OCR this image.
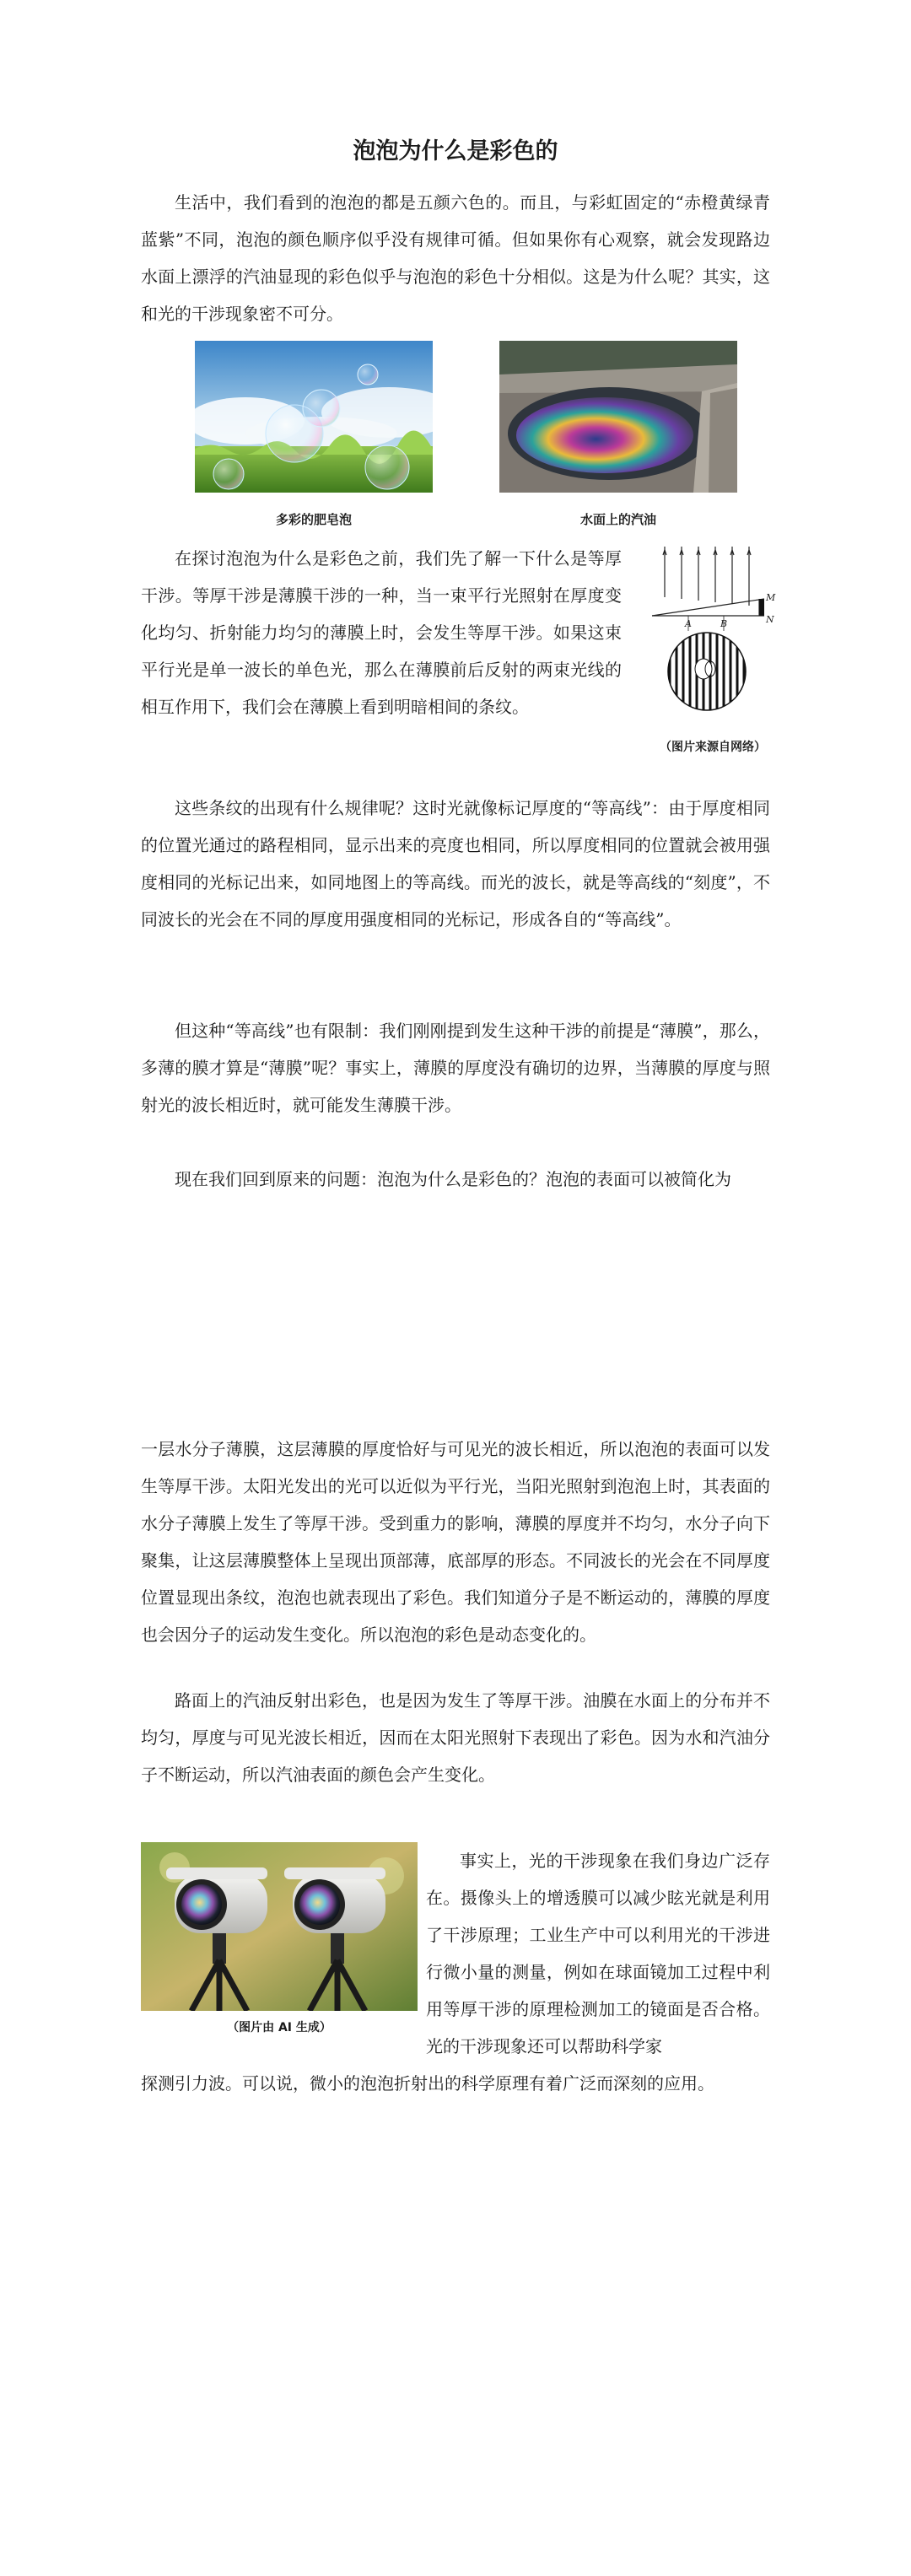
泡泡为什么是彩色的

生活中，我们看到的泡泡的都是五颜六色的。而且，与彩虹固定的“赤橙黄绿青蓝紫”不同，泡泡的颜色顺序似乎没有规律可循。但如果你有心观察，就会发现路边水面上漂浮的汽油显现的彩色似乎与泡泡的彩色十分相似。这是为什么呢？其实，这和光的干涉现象密不可分。

多彩的肥皂泡	水面上的汽油

在探讨泡泡为什么是彩色之前，我们先了解一下什么是等厚干涉。等厚干涉是薄膜干涉的一种，当一束平行光照射在厚度变化均匀、折射能力均匀的薄膜上时，会发生等厚干涉。如果这束平行光是单一波长的单色光，那么在薄膜前后反射的两束光线的相互作用下，我们会在薄膜上看到明暗相间的条纹。

M
N
A	B
（图片来源自网络）

这些条纹的出现有什么规律呢？这时光就像标记厚度的“等高线”：由于厚度相同的位置光通过的路程相同，显示出来的亮度也相同，所以厚度相同的位置就会被用强度相同的光标记出来，如同地图上的等高线。而光的波长，就是等高线的“刻度”，不同波长的光会在不同的厚度用强度相同的光标记，形成各自的“等高线”。

但这种“等高线”也有限制：我们刚刚提到发生这种干涉的前提是“薄膜”，那么，多薄的膜才算是“薄膜”呢？事实上，薄膜的厚度没有确切的边界，当薄膜的厚度与照射光的波长相近时，就可能发生薄膜干涉。

现在我们回到原来的问题：泡泡为什么是彩色的？泡泡的表面可以被简化为

一层水分子薄膜，这层薄膜的厚度恰好与可见光的波长相近，所以泡泡的表面可以发生等厚干涉。太阳光发出的光可以近似为平行光，当阳光照射到泡泡上时，其表面的水分子薄膜上发生了等厚干涉。受到重力的影响，薄膜的厚度并不均匀，水分子向下聚集，让这层薄膜整体上呈现出顶部薄，底部厚的形态。不同波长的光会在不同厚度位置显现出条纹，泡泡也就表现出了彩色。我们知道分子是不断运动的，薄膜的厚度也会因分子的运动发生变化。所以泡泡的彩色是动态变化的。

路面上的汽油反射出彩色，也是因为发生了等厚干涉。油膜在水面上的分布并不均匀，厚度与可见光波长相近，因而在太阳光照射下表现出了彩色。因为水和汽油分子不断运动，所以汽油表面的颜色会产生变化。

（图片由 AI 生成）

事实上，光的干涉现象在我们身边广泛存在。摄像头上的增透膜可以减少眩光就是利用了干涉原理；工业生产中可以利用光的干涉进行微小量的测量，例如在球面镜加工过程中利用等厚干涉的原理检测加工的镜面是否合格。光的干涉现象还可以帮助科学家

探测引力波。可以说，微小的泡泡折射出的科学原理有着广泛而深刻的应用。
